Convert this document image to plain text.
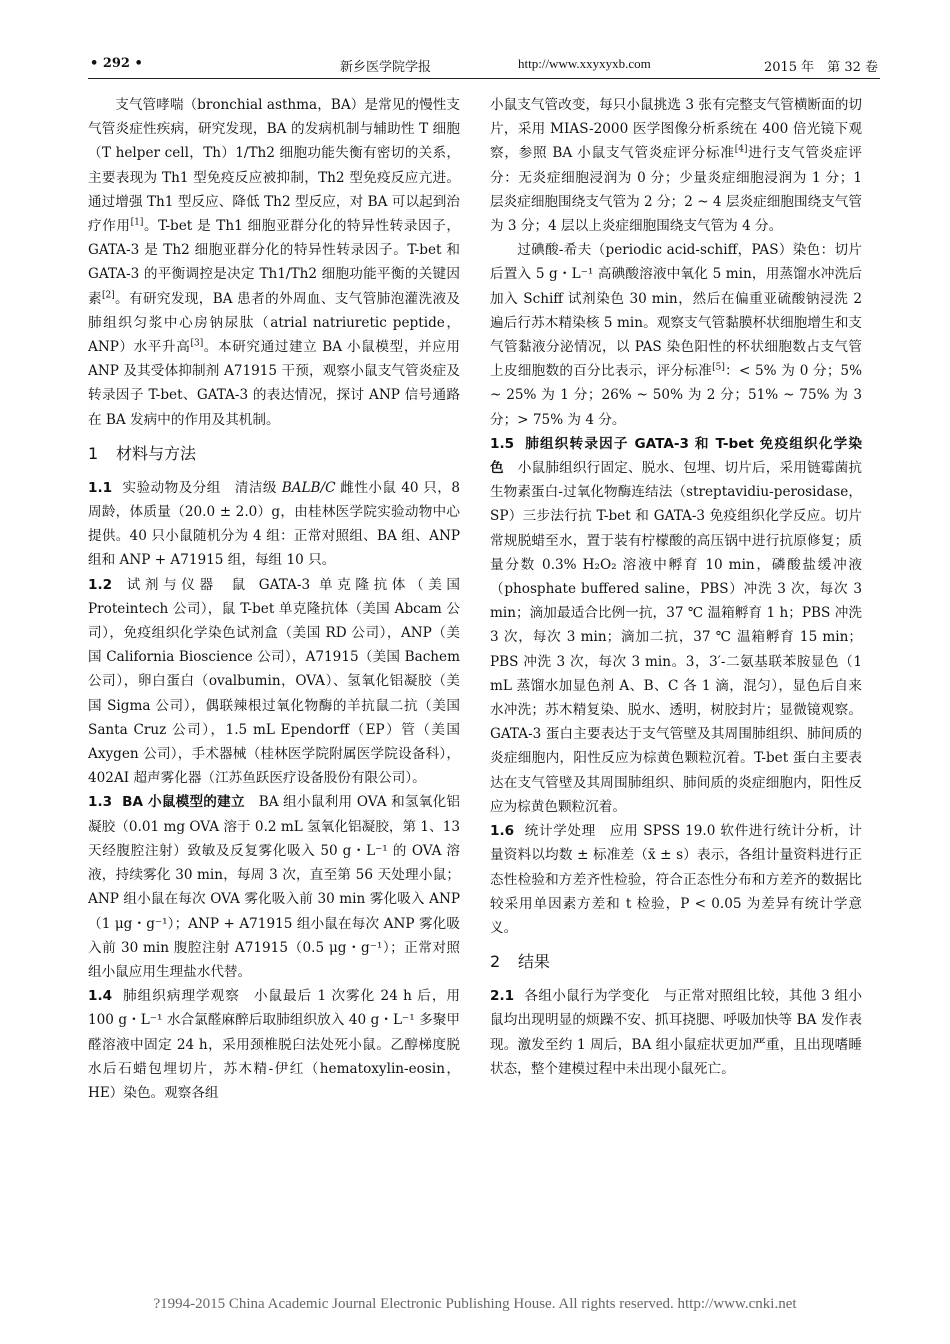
• 292 •	新乡医学院学报	http://www.xxyxyxb.com	2015 年　第 32 卷

支气管哮喘（bronchial asthma，BA）是常见的慢性支气管炎症性疾病，研究发现，BA 的发病机制与辅助性 T 细胞（T helper cell，Th）1/Th2 细胞功能失衡有密切的关系，主要表现为 Th1 型免疫反应被抑制，Th2 型免疫反应亢进。通过增强 Th1 型反应、降低 Th2 型反应，对 BA 可以起到治疗作用[1]。T-bet 是 Th1 细胞亚群分化的特异性转录因子，GATA-3 是 Th2 细胞亚群分化的特异性转录因子。T-bet 和 GATA-3 的平衡调控是决定 Th1/Th2 细胞功能平衡的关键因素[2]。有研究发现，BA 患者的外周血、支气管肺泡灌洗液及肺组织匀浆中心房钠尿肽（atrial natriuretic peptide，ANP）水平升高[3]。本研究通过建立 BA 小鼠模型，并应用 ANP 及其受体抑制剂 A71915 干预，观察小鼠支气管炎症及转录因子 T-bet、GATA-3 的表达情况，探讨 ANP 信号通路在 BA 发病中的作用及其机制。

1 材料与方法

1.1 实验动物及分组 清洁级 BALB/C 雌性小鼠 40 只，8 周龄，体质量（20.0 ± 2.0）g，由桂林医学院实验动物中心提供。40 只小鼠随机分为 4 组：正常对照组、BA 组、ANP 组和 ANP + A71915 组，每组 10 只。

1.2 试剂与仪器 鼠 GATA-3 单克隆抗体（美国 Proteintech 公司），鼠 T-bet 单克隆抗体（美国 Abcam 公司），免疫组织化学染色试剂盒（美国 RD 公司），ANP（美国 California Bioscience 公司），A71915（美国 Bachem 公司），卵白蛋白（ovalbumin，OVA）、氢氧化铝凝胶（美国 Sigma 公司），偶联辣根过氧化物酶的羊抗鼠二抗（美国 Santa Cruz 公司），1.5 mL Ependorff（EP）管（美国 Axygen 公司），手术器械（桂林医学院附属医学院设备科），402AI 超声雾化器（江苏鱼跃医疗设备股份有限公司）。

1.3 BA 小鼠模型的建立 BA 组小鼠利用 OVA 和氢氧化铝凝胶（0.01 mg OVA 溶于 0.2 mL 氢氧化铝凝胶，第 1、13 天经腹腔注射）致敏及反复雾化吸入 50 g・L⁻¹ 的 OVA 溶液，持续雾化 30 min，每周 3 次，直至第 56 天处理小鼠；ANP 组小鼠在每次 OVA 雾化吸入前 30 min 雾化吸入 ANP（1 μg・g⁻¹）；ANP + A71915 组小鼠在每次 ANP 雾化吸入前 30 min 腹腔注射 A71915（0.5 μg・g⁻¹）；正常对照组小鼠应用生理盐水代替。

1.4 肺组织病理学观察 小鼠最后 1 次雾化 24 h 后，用 100 g・L⁻¹ 水合氯醛麻醉后取肺组织放入 40 g・L⁻¹ 多聚甲醛溶液中固定 24 h，采用颈椎脱臼法处死小鼠。乙醇梯度脱水后石蜡包埋切片，苏木精-伊红（hematoxylin-eosin，HE）染色。观察各组

小鼠支气管改变，每只小鼠挑选 3 张有完整支气管横断面的切片，采用 MIAS-2000 医学图像分析系统在 400 倍光镜下观察，参照 BA 小鼠支气管炎症评分标准[4]进行支气管炎症评分：无炎症细胞浸润为 0 分；少量炎症细胞浸润为 1 分；1 层炎症细胞围绕支气管为 2 分；2 ~ 4 层炎症细胞围绕支气管为 3 分；4 层以上炎症细胞围绕支气管为 4 分。

过碘酸-希夫（periodic acid-schiff，PAS）染色：切片后置入 5 g・L⁻¹ 高碘酸溶液中氧化 5 min，用蒸馏水冲洗后加入 Schiff 试剂染色 30 min，然后在偏重亚硫酸钠浸洗 2 遍后行苏木精染核 5 min。观察支气管黏膜杯状细胞增生和支气管黏液分泌情况，以 PAS 染色阳性的杯状细胞数占支气管上皮细胞数的百分比表示，评分标准[5]：< 5% 为 0 分；5% ~ 25% 为 1 分；26% ~ 50% 为 2 分；51% ~ 75% 为 3 分；> 75% 为 4 分。

1.5 肺组织转录因子 GATA-3 和 T-bet 免疫组织化学染色 小鼠肺组织行固定、脱水、包埋、切片后，采用链霉菌抗生物素蛋白-过氧化物酶连结法（streptavidiu-perosidase，SP）三步法行抗 T-bet 和 GATA-3 免疫组织化学反应。切片常规脱蜡至水，置于装有柠檬酸的高压锅中进行抗原修复；质量分数 0.3% H₂O₂ 溶液中孵育 10 min，磷酸盐缓冲液（phosphate buffered saline，PBS）冲洗 3 次，每次 3 min；滴加最适合比例一抗，37 ℃ 温箱孵育 1 h；PBS 冲洗 3 次，每次 3 min；滴加二抗，37 ℃ 温箱孵育 15 min；PBS 冲洗 3 次，每次 3 min。3，3′-二氨基联苯胺显色（1 mL 蒸馏水加显色剂 A、B、C 各 1 滴，混匀），显色后自来水冲洗；苏木精复染、脱水、透明，树胶封片；显微镜观察。GATA-3 蛋白主要表达于支气管壁及其周围肺组织、肺间质的炎症细胞内，阳性反应为棕黄色颗粒沉着。T-bet 蛋白主要表达在支气管壁及其周围肺组织、肺间质的炎症细胞内，阳性反应为棕黄色颗粒沉着。

1.6 统计学处理 应用 SPSS 19.0 软件进行统计分析，计量资料以均数 ± 标准差（x̄ ± s）表示，各组计量资料进行正态性检验和方差齐性检验，符合正态性分布和方差齐的数据比较采用单因素方差和 t 检验，P < 0.05 为差异有统计学意义。

2 结果

2.1 各组小鼠行为学变化 与正常对照组比较，其他 3 组小鼠均出现明显的烦躁不安、抓耳挠腮、呼吸加快等 BA 发作表现。激发至约 1 周后，BA 组小鼠症状更加严重，且出现嗜睡状态，整个建模过程中未出现小鼠死亡。

?1994-2015 China Academic Journal Electronic Publishing House. All rights reserved. http://www.cnki.net
